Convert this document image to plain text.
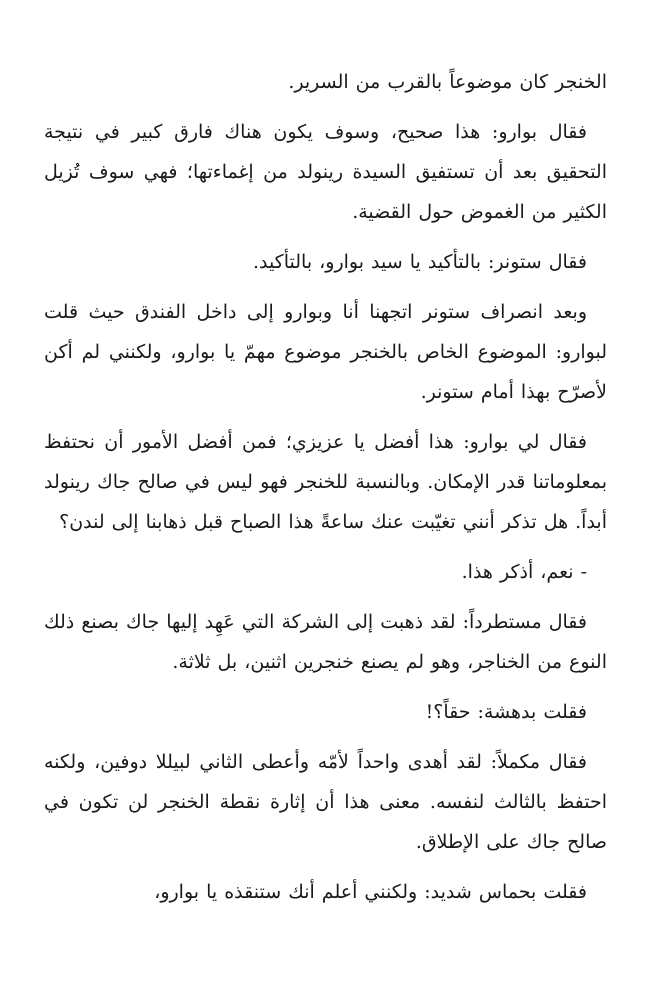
الخنجر كان موضوعاً بالقرب من السرير.

فقال بوارو: هذا صحيح، وسوف يكون هناك فارق كبير في نتيجة التحقيق بعد أن تستفيق السيدة رينولد من إغماءتها؛ فهي سوف تُزيل الكثير من الغموض حول القضية.

فقال ستونر: بالتأكيد يا سيد بوارو، بالتأكيد.

وبعد انصراف ستونر اتجهنا أنا وبوارو إلى داخل الفندق حيث قلت لبوارو: الموضوع الخاص بالخنجر موضوع مهمّ يا بوارو، ولكنني لم أكن لأصرّح بهذا أمام ستونر.

فقال لي بوارو: هذا أفضل يا عزيزي؛ فمن أفضل الأمور أن نحتفظ بمعلوماتنا قدر الإمكان. وبالنسبة للخنجر فهو ليس في صالح جاك رينولد أبداً. هل تذكر أنني تغيّبت عنك ساعةً هذا الصباح قبل ذهابنا إلى لندن؟

- نعم، أذكر هذا.

فقال مستطرداً: لقد ذهبت إلى الشركة التي عَهِد إليها جاك بصنع ذلك النوع من الخناجر، وهو لم يصنع خنجرين اثنين، بل ثلاثة.

فقلت بدهشة: حقاً؟!

فقال مكملاً: لقد أهدى واحداً لأمّه وأعطى الثاني لبيللا دوفين، ولكنه احتفظ بالثالث لنفسه. معنى هذا أن إثارة نقطة الخنجر لن تكون في صالح جاك على الإطلاق.

فقلت بحماس شديد: ولكنني أعلم أنك ستنقذه يا بوارو،
